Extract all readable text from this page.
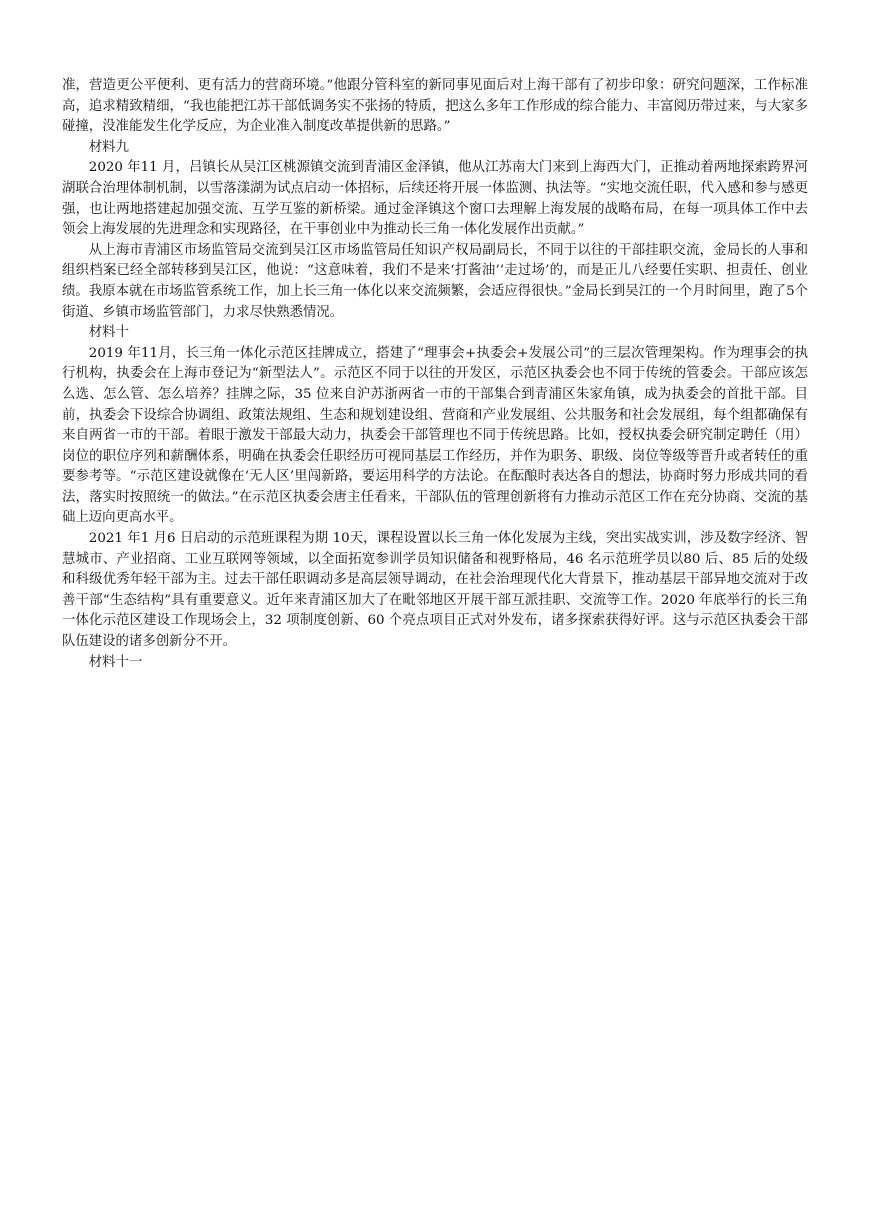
准，营造更公平便利、更有活力的营商环境。”他跟分管科室的新同事见面后对上海干部有了初步印象：研究问题深，工作标准高，追求精致精细，“我也能把江苏干部低调务实不张扬的特质，把这么多年工作形成的综合能力、丰富阅历带过来，与大家多碰撞，没准能发生化学反应，为企业准入制度改革提供新的思路。”

材料九

2020 年11 月，吕镇长从吴江区桃源镇交流到青浦区金泽镇，他从江苏南大门来到上海西大门，正推动着两地探索跨界河湖联合治理体制机制，以雪落漾湖为试点启动一体招标，后续还将开展一体监测、执法等。“实地交流任职，代入感和参与感更强，也让两地搭建起加强交流、互学互鉴的新桥梁。通过金泽镇这个窗口去理解上海发展的战略布局，在每一项具体工作中去领会上海发展的先进理念和实现路径，在干事创业中为推动长三角一体化发展作出贡献。”

从上海市青浦区市场监管局交流到吴江区市场监管局任知识产权局副局长，不同于以往的干部挂职交流，金局长的人事和组织档案已经全部转移到吴江区，他说：“这意味着，我们不是来‘打酱油’‘走过场’的，而是正儿八经要任实职、担责任、创业绩。我原本就在市场监管系统工作，加上长三角一体化以来交流频繁，会适应得很快。”金局长到吴江的一个月时间里，跑了5个街道、乡镇市场监管部门，力求尽快熟悉情况。

材料十

2019 年11月，长三角一体化示范区挂牌成立，搭建了“理事会+执委会+发展公司”的三层次管理架构。作为理事会的执行机构，执委会在上海市登记为“新型法人”。示范区不同于以往的开发区，示范区执委会也不同于传统的管委会。干部应该怎么选、怎么管、怎么培养？挂牌之际，35 位来自沪苏浙两省一市的干部集合到青浦区朱家角镇，成为执委会的首批干部。目前，执委会下设综合协调组、政策法规组、生态和规划建设组、营商和产业发展组、公共服务和社会发展组，每个组都确保有来自两省一市的干部。着眼于激发干部最大动力，执委会干部管理也不同于传统思路。比如，授权执委会研究制定聘任（用）岗位的职位序列和薪酬体系，明确在执委会任职经历可视同基层工作经历，并作为职务、职级、岗位等级等晋升或者转任的重要参考等。“示范区建设就像在‘无人区’里闯新路，要运用科学的方法论。在酝酿时表达各自的想法，协商时努力形成共同的看法，落实时按照统一的做法。”在示范区执委会唐主任看来，干部队伍的管理创新将有力推动示范区工作在充分协商、交流的基础上迈向更高水平。

2021 年1 月6 日启动的示范班课程为期 10天，课程设置以长三角一体化发展为主线，突出实战实训，涉及数字经济、智慧城市、产业招商、工业互联网等领域，以全面拓宽参训学员知识储备和视野格局，46 名示范班学员以80 后、85 后的处级和科级优秀年轻干部为主。过去干部任职调动多是高层领导调动，在社会治理现代化大背景下，推动基层干部异地交流对于改善干部“生态结构”具有重要意义。近年来青浦区加大了在毗邻地区开展干部互派挂职、交流等工作。2020 年底举行的长三角一体化示范区建设工作现场会上，32 项制度创新、60 个亮点项目正式对外发布，诸多探索获得好评。这与示范区执委会干部队伍建设的诸多创新分不开。

材料十一
